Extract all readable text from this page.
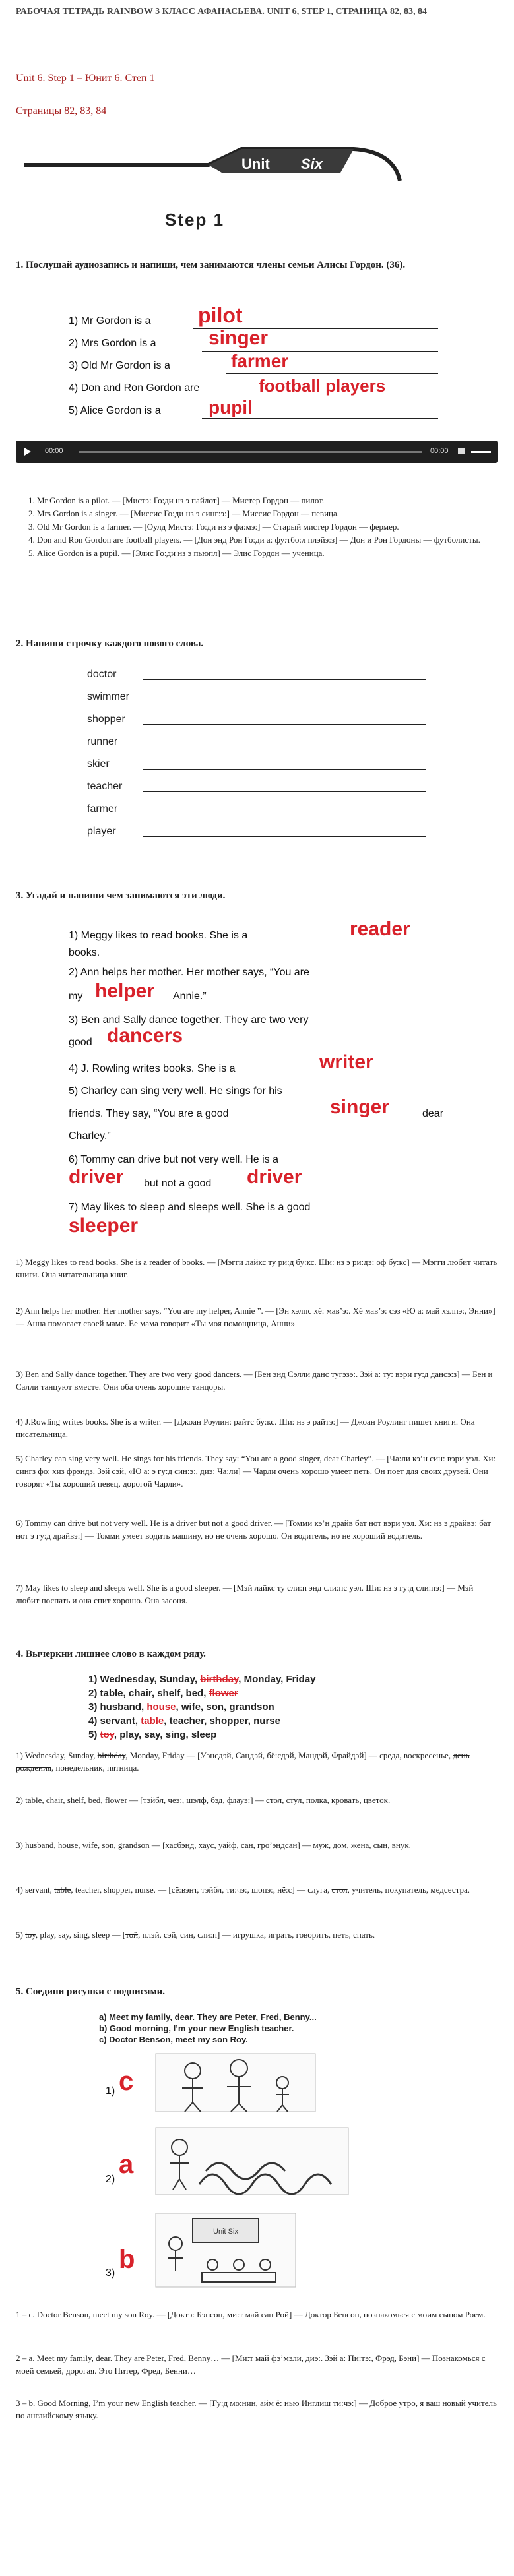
РАБОЧАЯ ТЕТРАДЬ RAINBOW 3 КЛАСС АФАНАСЬЕВА. UNIT 6, STEP 1, СТРАНИЦА 82, 83, 84
Unit 6. Step 1 – Юнит 6. Степ 1
Страницы 82, 83, 84
Unit Six
Step 1
1. Послушай аудиозапись и напиши, чем занимаются члены семьи Алисы Гордон. (36).
1) Mr Gordon is a pilot
2) Mrs Gordon is a	singer
3) Old Mr Gordon is a	farmer
4) Don and Ron Gordon are	football players
5) Alice Gordon is a	pupil
00:00	00:00
1. Mr Gordon is a pilot. — [Мистэ: Го:ди нз э пайлот] — Мистер Гордон — пилот.
2. Mrs Gordon is a singer. — [Миссис Го:ди нз э синг:э:] — Миссис Гордон — певица.
3. Old Mr Gordon is a farmer. — [Оулд Мистэ: Го:ди нз э фа:мэ:] — Старый мистер Гордон — фермер.
4. Don and Ron Gordon are football players. — [Дон энд Рон Го:ди а: фу:тбо:л плэйэ:з] — Дон и Рон Гордоны — футболисты.
5. Alice Gordon is a pupil. — [Элис Го:ди нз э пьюпл] — Элис Гордон — ученица.
2. Напиши строчку каждого нового слова.
doctor
swimmer
shopper
runner
skier
teacher
farmer
player
3. Угадай и напиши чем занимаются эти люди.
1) Meggy likes to read books. She is a	reader
books.
2) Ann helps her mother. Her mother says, “You are
my helper Annie.”
3) Ben and Sally dance together. They are two very
good dancers
4) J. Rowling writes books. She is a	writer
5) Charley can sing very well. He sings for his
friends. They say, “You are a good	singer	dear
Charley.”
6) Tommy can drive but not very well. He is a
driver but not a good driver
7) May likes to sleep and sleeps well. She is a good
sleeper

1) Meggy likes to read books. She is a reader of books. — [Мэгги лайкс ту ри:д бу:кс. Ши: нз э ри:дэ: оф бу:кс] — Мэгги любит читать книги. Она читательница книг.

2) Ann helps her mother. Her mother says, “You are my helper, Annie ”. — [Эн хэлпс хё: мав’э:. Хё мав’э: сэз «Ю а: май хэлпэ:, Энни»] — Анна помогает своей маме. Ее мама говорит «Ты моя помощница, Анни»

3) Ben and Sally dance together. They are two very good dancers. — [Бен энд Сэлли данс тугэзэ:. Зэй а: ту: вэри гу:д дансэ:з] — Бен и Салли танцуют вместе. Они оба очень хорошие танцоры.

4) J.Rowling writes books. She is a writer. — [Джоан Роулин: райтс бу:кс. Ши: нз э райтэ:] — Джоан Роулинг пишет книги. Она писательница.

5) Charley can sing very well. He sings for his friends. They say: “You are a good singer, dear Charley”. — [Ча:ли кэ’н син: вэри уэл. Хи: сингз фо: хиз фрэндз. Зэй сэй, «Ю а: э гу:д син:э:, диэ: Ча:ли] — Чарли очень хорошо умеет петь. Он поет для своих друзей. Они говорят «Ты хороший певец, дорогой Чарли».

6) Tommy can drive but not very well. He is a driver but not a good driver. — [Томми кэ’н драйв бат нот вэри уэл. Хи: нз э драйвэ: бат нот э гу:д драйвэ:] — Томми умеет водить машину, но не очень хорошо. Он водитель, но не хороший водитель.

7) May likes to sleep and sleeps well. She is a good sleeper. — [Мэй лайкс ту сли:п энд сли:пс уэл. Ши: нз э гу:д сли:пэ:] — Мэй любит поспать и она спит хорошо. Она засоня.

4. Вычеркни лишнее слово в каждом ряду.
1) Wednesday, Sunday, birthday, Monday, Friday
2) table, chair, shelf, bed, flower
3) husband, house, wife, son, grandson
4) servant, table, teacher, shopper, nurse
5) toy, play, say, sing, sleep

1) Wednesday, Sunday, birthday, Monday, Friday — [Уэнсдэй, Сандэй, бё:сдэй, Мандэй, Фрайдэй] — среда, воскресенье, день рождения, понедельник, пятница.

2) table, chair, shelf, bed, flower — [тэйбл, чеэ:, шэлф, бэд, флауэ:] — стол, стул, полка, кровать, цветок.

3) husband, house, wife, son, grandson — [хасбэнд, хаус, уайф, сан, гро’эндсан] — муж, дом, жена, сын, внук.

4) servant, table, teacher, shopper, nurse. — [сё:вэнт, тэйбл, ти:чэ:, шопэ:, нё:с] — слуга, стол, учитель, покупатель, медсестра.

5) toy, play, say, sing, sleep — [той, плэй, сэй, син, сли:п] — игрушка, играть, говорить, петь, спать.

5. Соедини рисунки с подписями.
a) Meet my family, dear. They are Peter, Fred, Benny...
b) Good morning, I’m your new English teacher.
c) Doctor Benson, meet my son Roy.
1) c
2)
a
3) b
Unit Six

1 – c. Doctor Benson, meet my son Roy. — [Доктэ: Бэнсон, ми:т май сан Рой] — Доктор Бенсон, познакомься с моим сыном Роем.

2 – a. Meet my family, dear. They are Peter, Fred, Benny… — [Ми:т май фэ’мэли, диэ:. Зэй а: Пи:тэ:, Фрэд, Бэни] — Познакомься с моей семьей, дорогая. Это Питер, Фред, Бенни…

3 – b. Good Morning, I’m your new English teacher. — [Гу:д мо:нин, айм ё: нью Инглиш ти:чэ:] — Доброе утро, я ваш новый учитель по английскому языку.
